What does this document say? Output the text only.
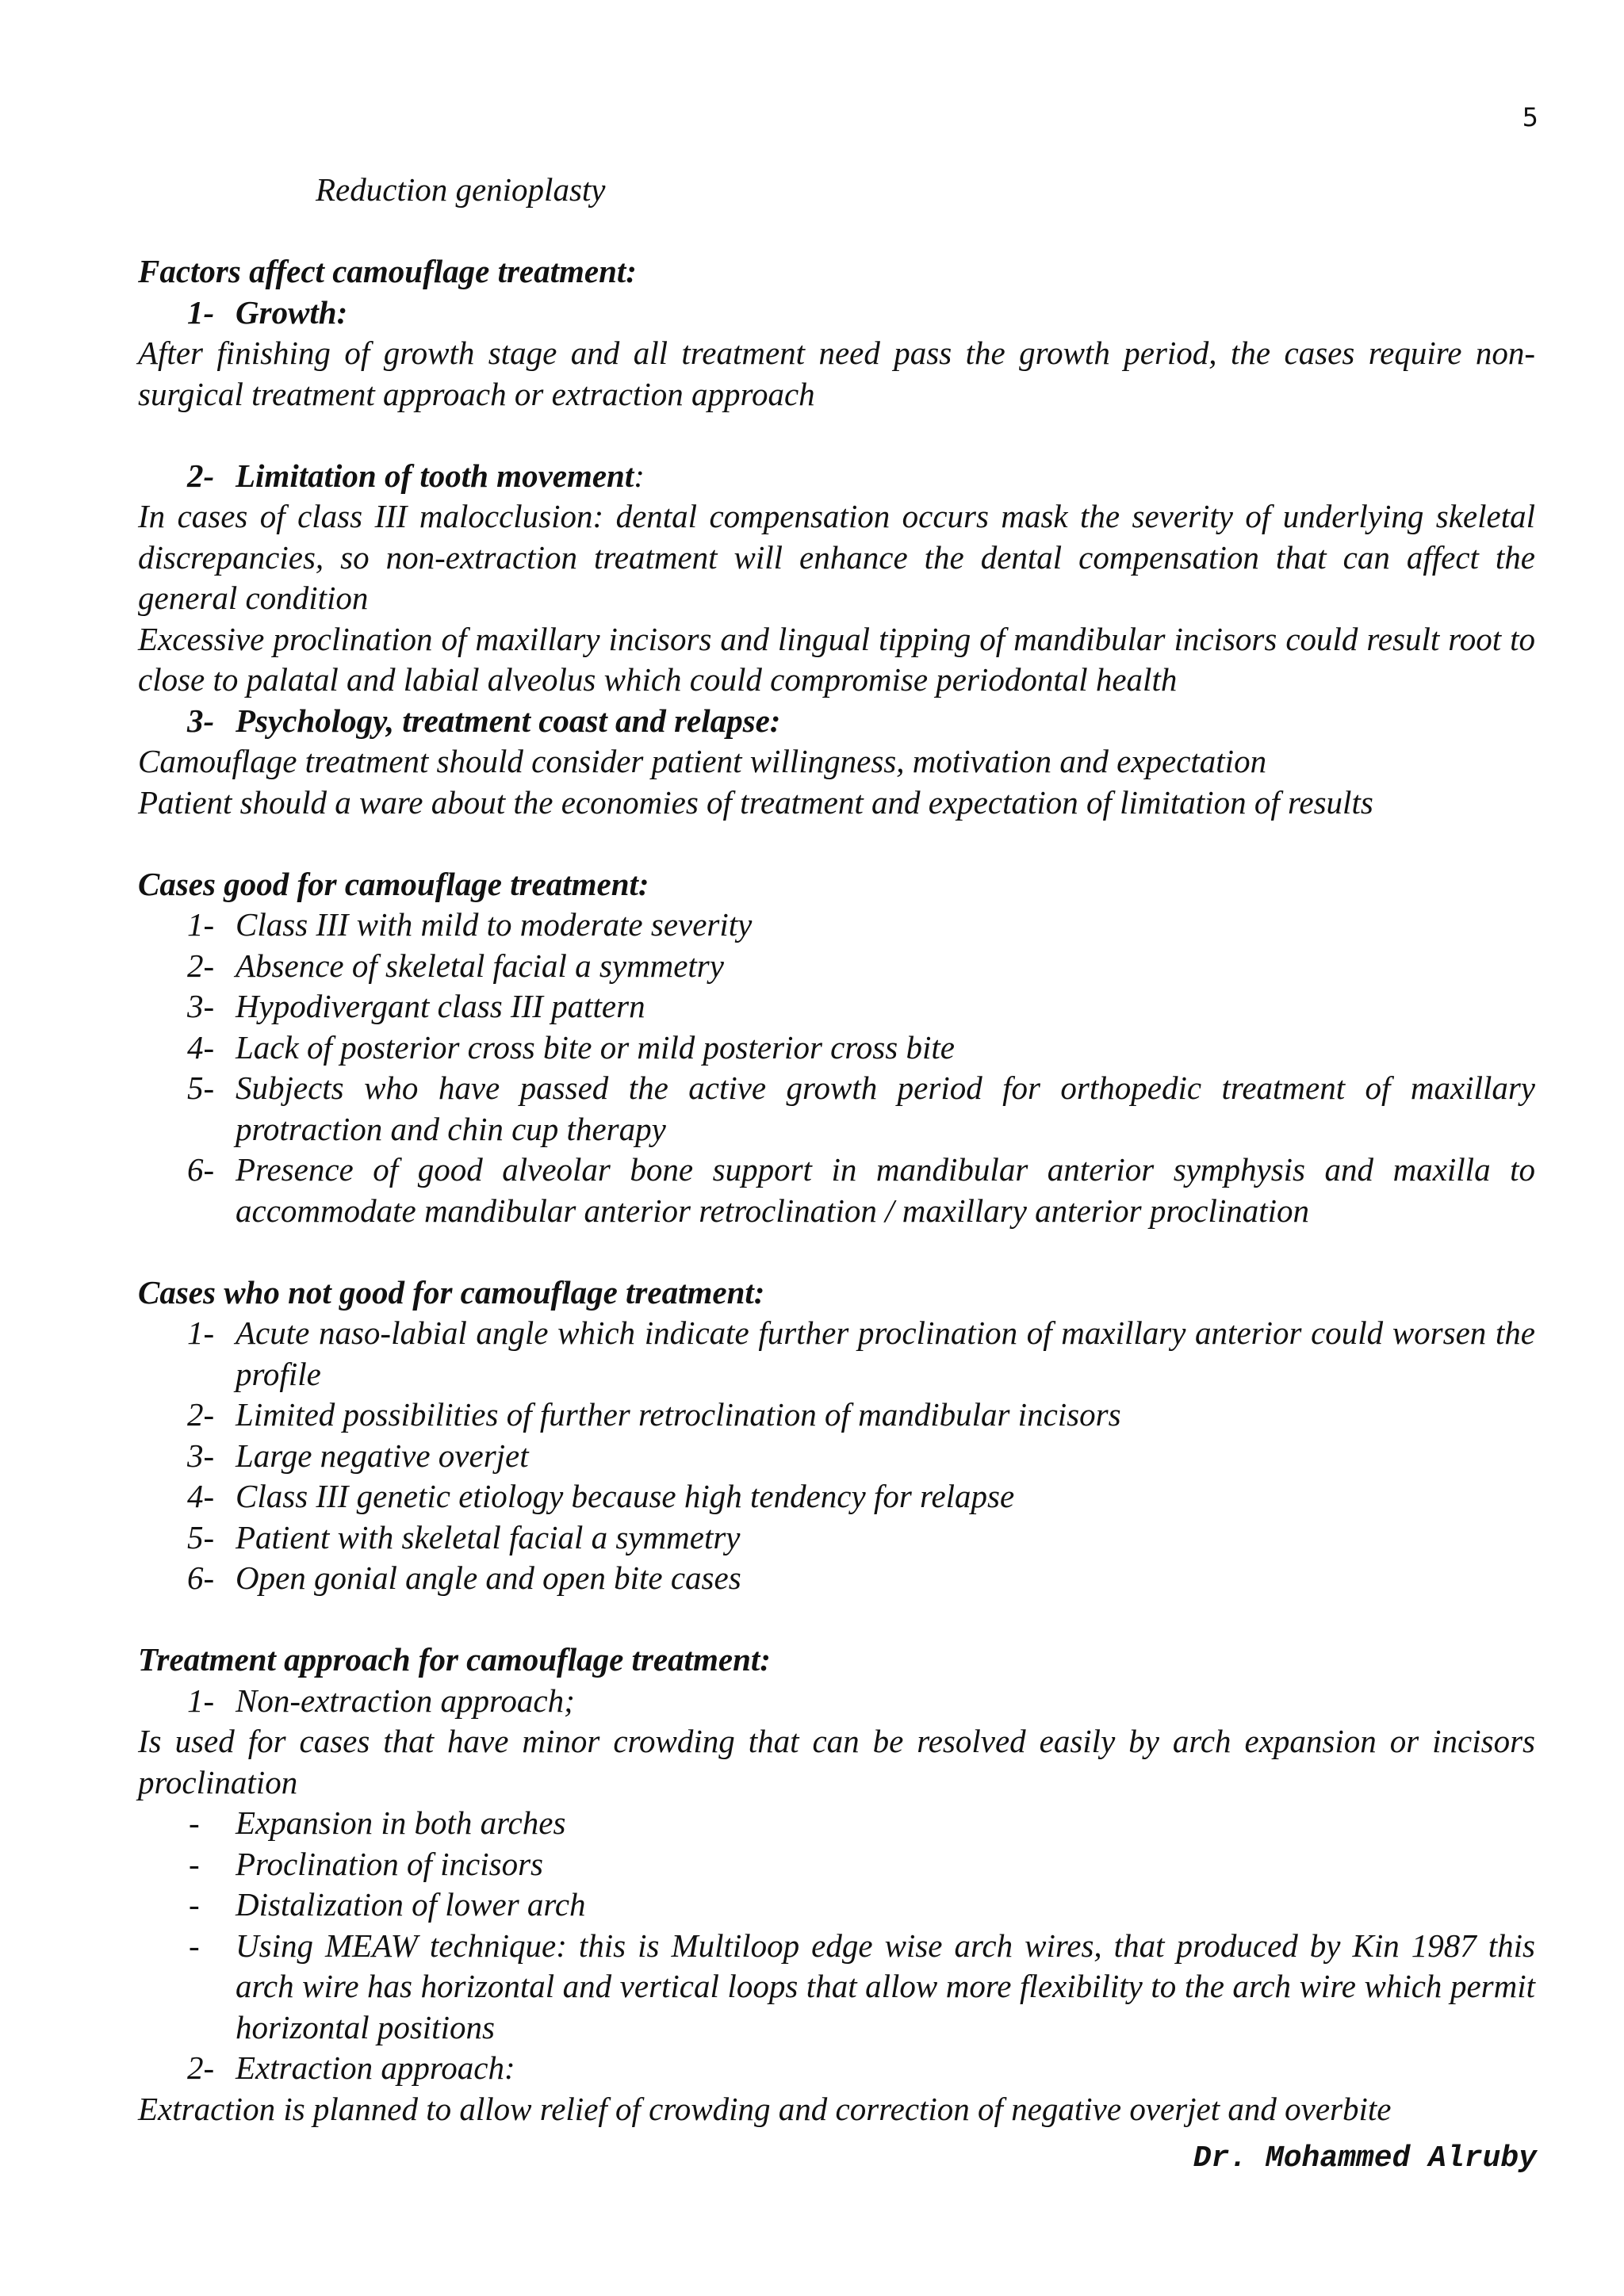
5
Reduction genioplasty
Factors affect camouflage treatment:
1- Growth:
After finishing of growth stage and all treatment need pass the growth period, the cases require non- surgical treatment approach or extraction approach
2- Limitation of tooth movement:
In cases of class III malocclusion: dental compensation occurs mask the severity of underlying skeletal discrepancies, so non-extraction treatment will enhance the dental compensation that can affect the general condition
Excessive proclination of maxillary incisors and lingual tipping of mandibular incisors could result root to close to palatal and labial alveolus which could compromise periodontal health
3- Psychology, treatment coast and relapse:
Camouflage treatment should consider patient willingness, motivation and expectation
Patient should a ware about the economies of treatment and expectation of limitation of results
Cases good for camouflage treatment:
1- Class III with mild to moderate severity
2- Absence of skeletal facial a symmetry
3- Hypodivergant class III pattern
4- Lack of posterior cross bite or mild posterior cross bite
5- Subjects who have passed the active growth period for orthopedic treatment of maxillary protraction and chin cup therapy
6- Presence of good alveolar bone support in mandibular anterior symphysis and maxilla to accommodate mandibular anterior retroclination / maxillary anterior proclination
Cases who not good for camouflage treatment:
1- Acute naso-labial angle which indicate further proclination of maxillary anterior could worsen the profile
2- Limited possibilities of further retroclination of mandibular incisors
3- Large negative overjet
4- Class III genetic etiology because high tendency for relapse
5- Patient with skeletal facial a symmetry
6- Open gonial angle and open bite cases
Treatment approach for camouflage treatment:
1- Non-extraction approach;
Is used for cases that have minor crowding that can be resolved easily by arch expansion or incisors proclination
- Expansion in both arches
- Proclination of incisors
- Distalization of lower arch
- Using MEAW technique: this is Multiloop edge wise arch wires, that produced by Kin 1987 this arch wire has horizontal and vertical loops that allow more flexibility to the arch wire which permit horizontal positions
2- Extraction approach:
Extraction is planned to allow relief of crowding and correction of negative overjet and overbite
Dr. Mohammed Alruby
